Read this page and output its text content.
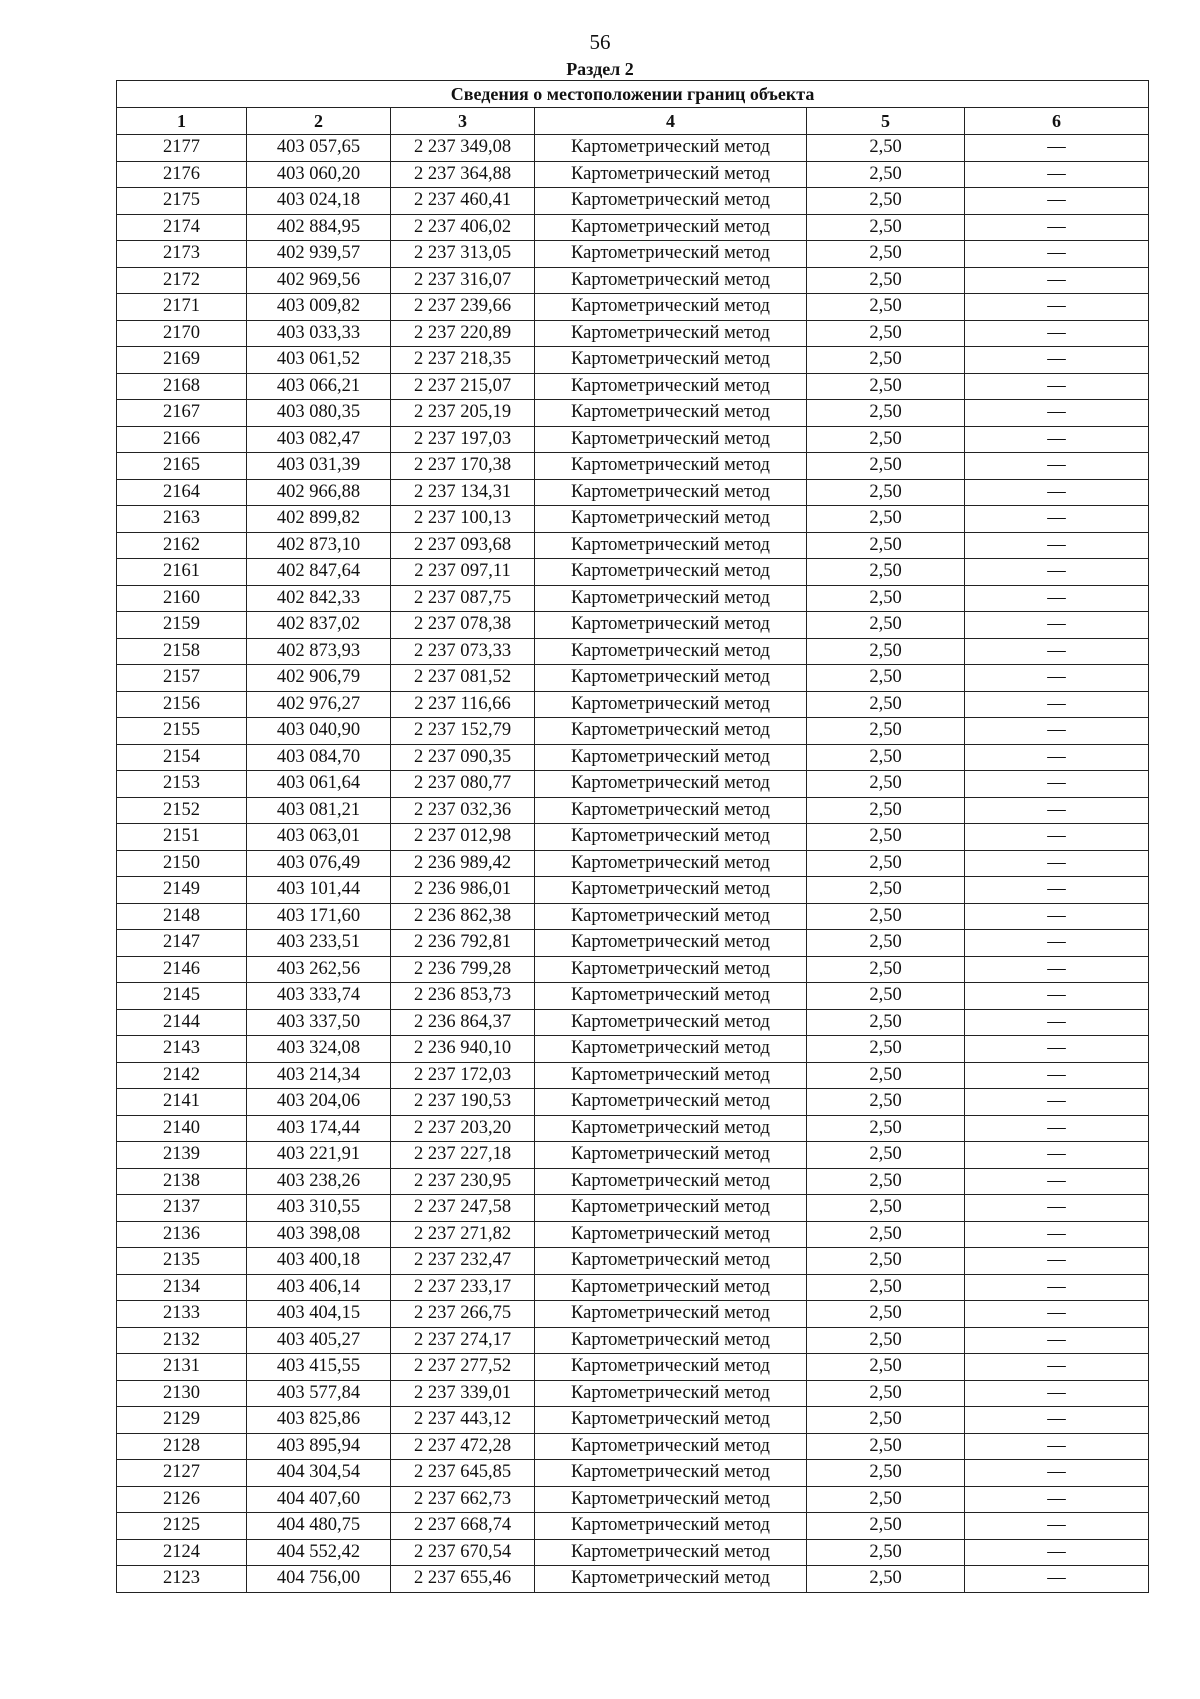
56
Раздел 2
Сведения о местоположении границ объекта					
1	2	3	4	5	6
2177	403 057,65	2 237 349,08	Картометрический метод	2,50	—
2176	403 060,20	2 237 364,88	Картометрический метод	2,50	—
2175	403 024,18	2 237 460,41	Картометрический метод	2,50	—
2174	402 884,95	2 237 406,02	Картометрический метод	2,50	—
2173	402 939,57	2 237 313,05	Картометрический метод	2,50	—
2172	402 969,56	2 237 316,07	Картометрический метод	2,50	—
2171	403 009,82	2 237 239,66	Картометрический метод	2,50	—
2170	403 033,33	2 237 220,89	Картометрический метод	2,50	—
2169	403 061,52	2 237 218,35	Картометрический метод	2,50	—
2168	403 066,21	2 237 215,07	Картометрический метод	2,50	—
2167	403 080,35	2 237 205,19	Картометрический метод	2,50	—
2166	403 082,47	2 237 197,03	Картометрический метод	2,50	—
2165	403 031,39	2 237 170,38	Картометрический метод	2,50	—
2164	402 966,88	2 237 134,31	Картометрический метод	2,50	—
2163	402 899,82	2 237 100,13	Картометрический метод	2,50	—
2162	402 873,10	2 237 093,68	Картометрический метод	2,50	—
2161	402 847,64	2 237 097,11	Картометрический метод	2,50	—
2160	402 842,33	2 237 087,75	Картометрический метод	2,50	—
2159	402 837,02	2 237 078,38	Картометрический метод	2,50	—
2158	402 873,93	2 237 073,33	Картометрический метод	2,50	—
2157	402 906,79	2 237 081,52	Картометрический метод	2,50	—
2156	402 976,27	2 237 116,66	Картометрический метод	2,50	—
2155	403 040,90	2 237 152,79	Картометрический метод	2,50	—
2154	403 084,70	2 237 090,35	Картометрический метод	2,50	—
2153	403 061,64	2 237 080,77	Картометрический метод	2,50	—
2152	403 081,21	2 237 032,36	Картометрический метод	2,50	—
2151	403 063,01	2 237 012,98	Картометрический метод	2,50	—
2150	403 076,49	2 236 989,42	Картометрический метод	2,50	—
2149	403 101,44	2 236 986,01	Картометрический метод	2,50	—
2148	403 171,60	2 236 862,38	Картометрический метод	2,50	—
2147	403 233,51	2 236 792,81	Картометрический метод	2,50	—
2146	403 262,56	2 236 799,28	Картометрический метод	2,50	—
2145	403 333,74	2 236 853,73	Картометрический метод	2,50	—
2144	403 337,50	2 236 864,37	Картометрический метод	2,50	—
2143	403 324,08	2 236 940,10	Картометрический метод	2,50	—
2142	403 214,34	2 237 172,03	Картометрический метод	2,50	—
2141	403 204,06	2 237 190,53	Картометрический метод	2,50	—
2140	403 174,44	2 237 203,20	Картометрический метод	2,50	—
2139	403 221,91	2 237 227,18	Картометрический метод	2,50	—
2138	403 238,26	2 237 230,95	Картометрический метод	2,50	—
2137	403 310,55	2 237 247,58	Картометрический метод	2,50	—
2136	403 398,08	2 237 271,82	Картометрический метод	2,50	—
2135	403 400,18	2 237 232,47	Картометрический метод	2,50	—
2134	403 406,14	2 237 233,17	Картометрический метод	2,50	—
2133	403 404,15	2 237 266,75	Картометрический метод	2,50	—
2132	403 405,27	2 237 274,17	Картометрический метод	2,50	—
2131	403 415,55	2 237 277,52	Картометрический метод	2,50	—
2130	403 577,84	2 237 339,01	Картометрический метод	2,50	—
2129	403 825,86	2 237 443,12	Картометрический метод	2,50	—
2128	403 895,94	2 237 472,28	Картометрический метод	2,50	—
2127	404 304,54	2 237 645,85	Картометрический метод	2,50	—
2126	404 407,60	2 237 662,73	Картометрический метод	2,50	—
2125	404 480,75	2 237 668,74	Картометрический метод	2,50	—
2124	404 552,42	2 237 670,54	Картометрический метод	2,50	—
2123	404 756,00	2 237 655,46	Картометрический метод	2,50	—
